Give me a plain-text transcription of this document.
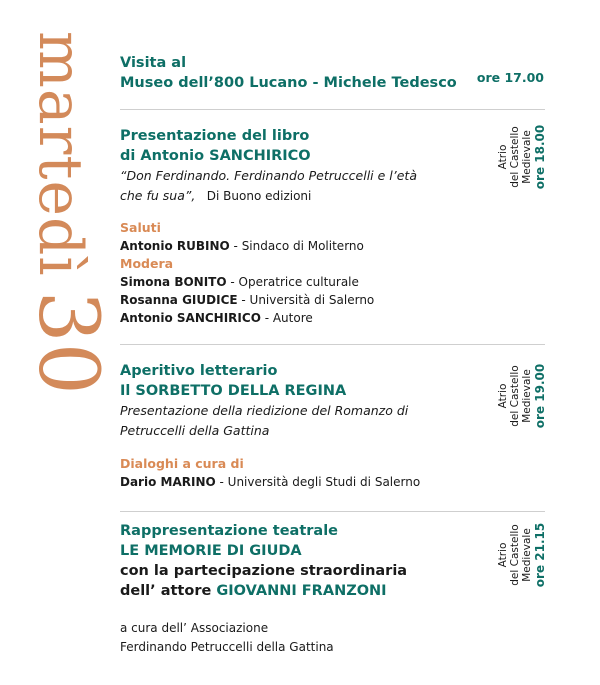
martedì
30
Visita al
Museo dell’800 Lucano - Michele Tedesco	ore 17.00
Presentazione del libro
di Antonio SANCHIRICO
“Don Ferdinando. Ferdinando Petruccelli e l’età
che fu sua”, Di Buono edizioni
Saluti
Antonio RUBINO - Sindaco di Moliterno
Modera
Simona BONITO - Operatrice culturale
Rosanna GIUDICE - Università di Salerno
Antonio SANCHIRICO - Autore
Atrio del Castello Medievale ore 18.00
Aperitivo letterario
Il SORBETTO DELLA REGINA
Presentazione della riedizione del Romanzo di
Petruccelli della Gattina
Dialoghi a cura di
Dario MARINO - Università degli Studi di Salerno
Atrio del Castello Medievale ore 19.00
Rappresentazione teatrale
LE MEMORIE DI GIUDA
con la partecipazione straordinaria
dell’ attore GIOVANNI FRANZONI
a cura dell’ Associazione
Ferdinando Petruccelli della Gattina
Atrio del Castello Medievale ore 21.15
